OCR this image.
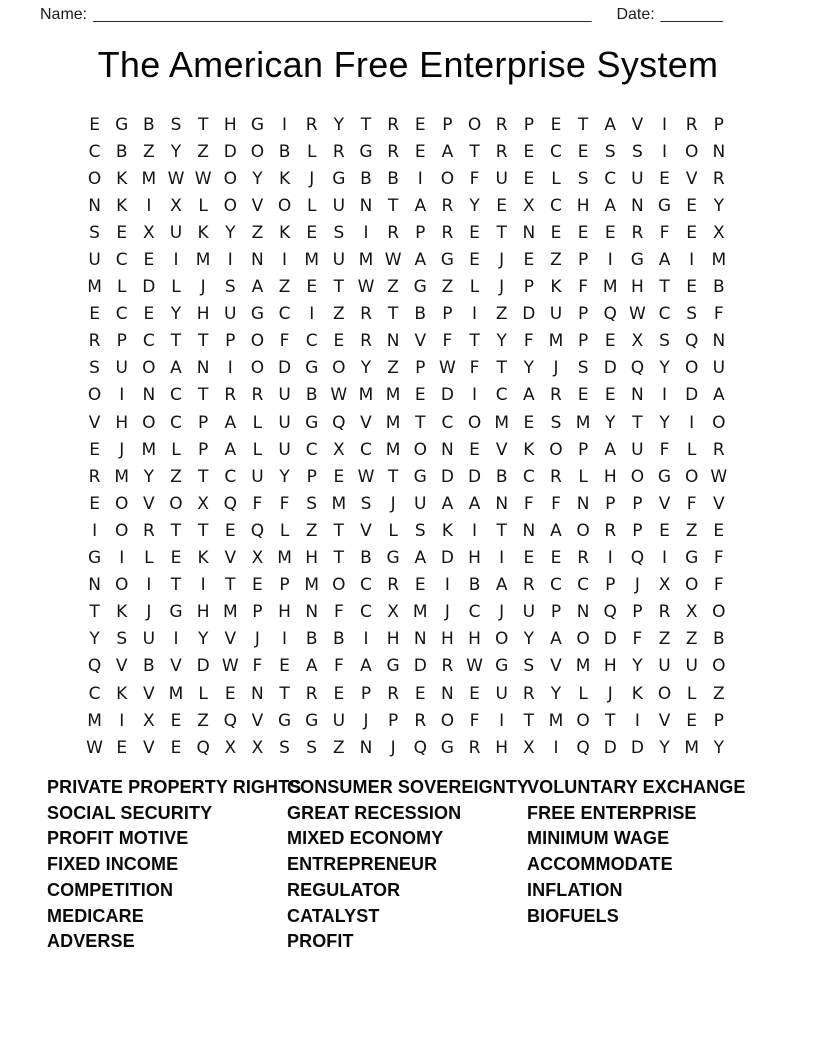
Name: ________________________________________________________ Date: _______
The American Free Enterprise System
E G B S T H G	I	R Y T R E P O R P E T A V	I	R P
C B Z Y Z D O B L R G R E A T R E C E S S	I	O N
O K M W W O Y K	J	G B B	I	O F U E	L	S C U E V R
N K	I	X L O V O L U N T A R Y E X C H A N G E Y
S E X U K Y Z K E S	I	R P R E T N E E E R F E X
U C E	I	M	I	N	I	M U M W A G E	J	E Z P	I	G A	I	M
M L D L	J	S A Z E T W Z G Z L	J	P K F M H T E B
E C E Y H U G C	I	Z R T B P	I	Z D U P Q W C S F
R P C T T P O F C E R N V F	T Y	F M P E X S Q N
S U O A N	I	O D G O Y Z P W F	T Y	J	S D Q Y O U
O	I	N C T R R U B W M M E D	I	C A R E E N	I	D A
V H O C P A L U G Q V M T C O M E S M Y T Y	I	O
E	J	M L	P A L U C X C M O N E V K O P A U F	L R
R M Y Z T C U Y P E W T G D D B C R L H O G O W
E O V O X Q F	F S M S	J	U A A N F	F N P P V F V
I	O R T T E Q L Z T V L	S K	I	T N A O R P E Z E
G	I	L	E K V X M H T B G A D H	I	E E R	I	Q	I	G F
N O	I	T	I	T E P M O C R E	I	B A R C C P	J	X O F
T K	J	G H M P H N F C X M	J	C	J	U P N Q P R X O
Y S U	I	Y V	J	I	B B	I	H N H H O Y A O D F Z Z B
Q V B V D W F E A F A G D R W G S V M H Y U U O
C K V M L	E N T R E P R E N E U R Y	L	J	K O L Z
M	I	X E Z Q V G G U	J	P R O F	I	T M O T	I	V E P
W E V E Q X X S S Z N	J	Q G R H X	I	Q D D Y M Y
PRIVATE PROPERTY RIGHTS
SOCIAL SECURITY
PROFIT MOTIVE
FIXED INCOME
COMPETITION
MEDICARE
ADVERSE
CONSUMER SOVEREIGNTY
GREAT RECESSION
MIXED ECONOMY
ENTREPRENEUR
REGULATOR
CATALYST
PROFIT
VOLUNTARY EXCHANGE
FREE ENTERPRISE
MINIMUM WAGE
ACCOMMODATE
INFLATION
BIOFUELS
